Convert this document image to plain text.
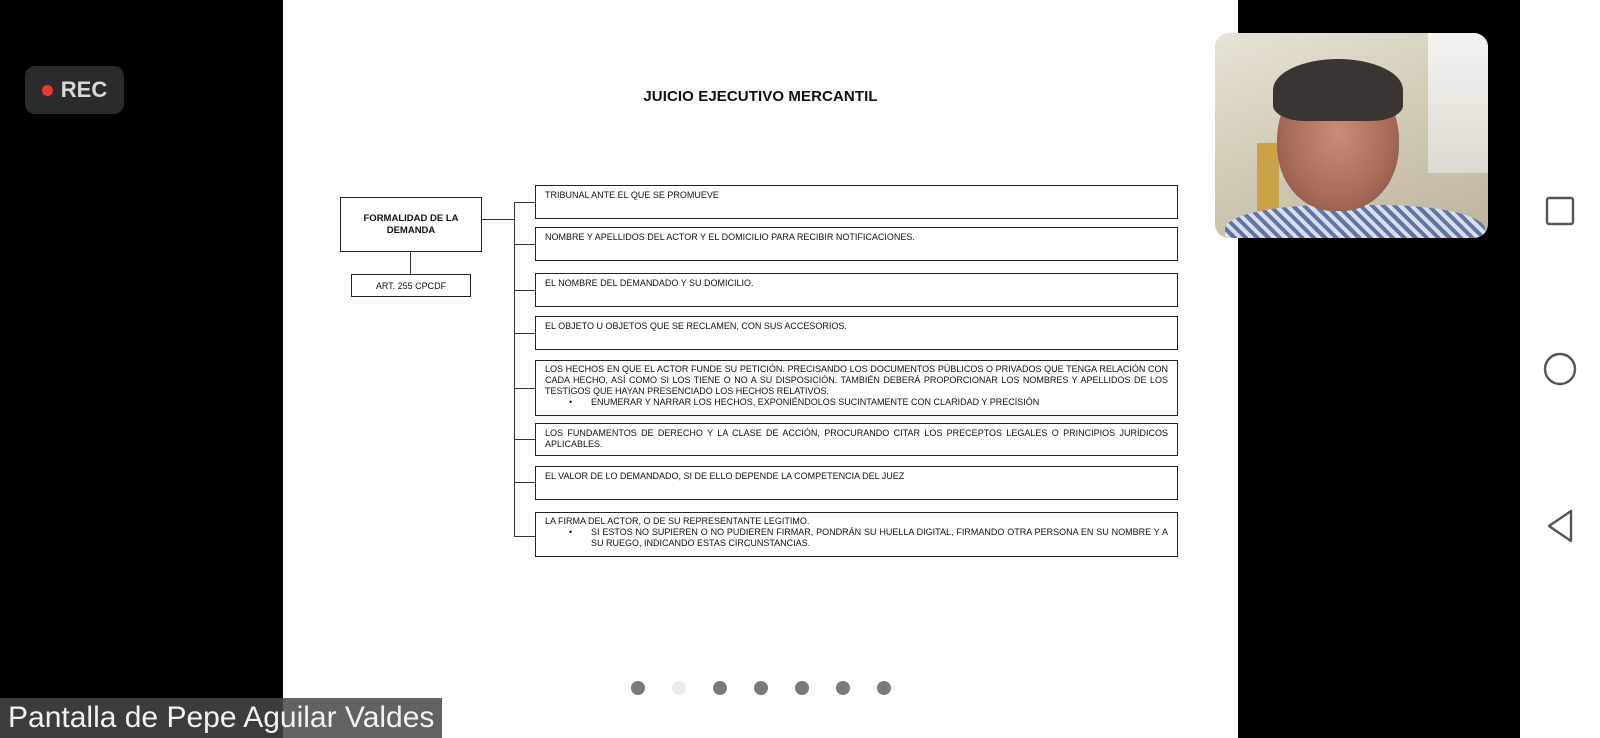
JUICIO EJECUTIVO MERCANTIL
FORMALIDAD DE LA DEMANDA
ART. 255 CPCDF
TRIBUNAL ANTE EL QUE SE PROMUEVE
NOMBRE Y APELLIDOS DEL ACTOR Y EL DOMICILIO PARA RECIBIR NOTIFICACIONES.
EL NOMBRE DEL DEMANDADO Y SU DOMICILIO.
EL OBJETO U OBJETOS QUE SE RECLAMEN, CON SUS ACCESORIOS.
LOS HECHOS EN QUE EL ACTOR FUNDE SU PETICIÓN. PRECISANDO LOS DOCUMENTOS PÚBLICOS O PRIVADOS QUE TENGA RELACIÓN CON CADA HECHO, ASÍ COMO SI LOS TIENE O NO A SU DISPOSICIÓN. TAMBIÉN DEBERÁ PROPORCIONAR LOS NOMBRES Y APELLIDOS DE LOS TESTIGOS QUE HAYAN PRESENCIADO LOS HECHOS RELATIVOS.
•	ENUMERAR Y NARRAR LOS HECHOS, EXPONIÉNDOLOS SUCINTAMENTE CON CLARIDAD Y PRECISIÓN
LOS FUNDAMENTOS DE DERECHO Y LA CLASE DE ACCIÓN, PROCURANDO CITAR LOS PRECEPTOS LEGALES O PRINCIPIOS JURÍDICOS APLICABLES.
EL VALOR DE LO DEMANDADO, SI DE ELLO DEPENDE LA COMPETENCIA DEL JUEZ
LA FIRMA DEL ACTOR, O DE SU REPRESENTANTE LEGITIMO.
•	SI ESTOS NO SUPIEREN O NO PUDIEREN FIRMAR, PONDRÁN SU HUELLA DIGITAL, FIRMANDO OTRA PERSONA EN SU NOMBRE Y A SU RUEGO, INDICANDO ESTAS CIRCUNSTANCIAS.
REC
Pantalla de Pepe Aguilar Valdes
